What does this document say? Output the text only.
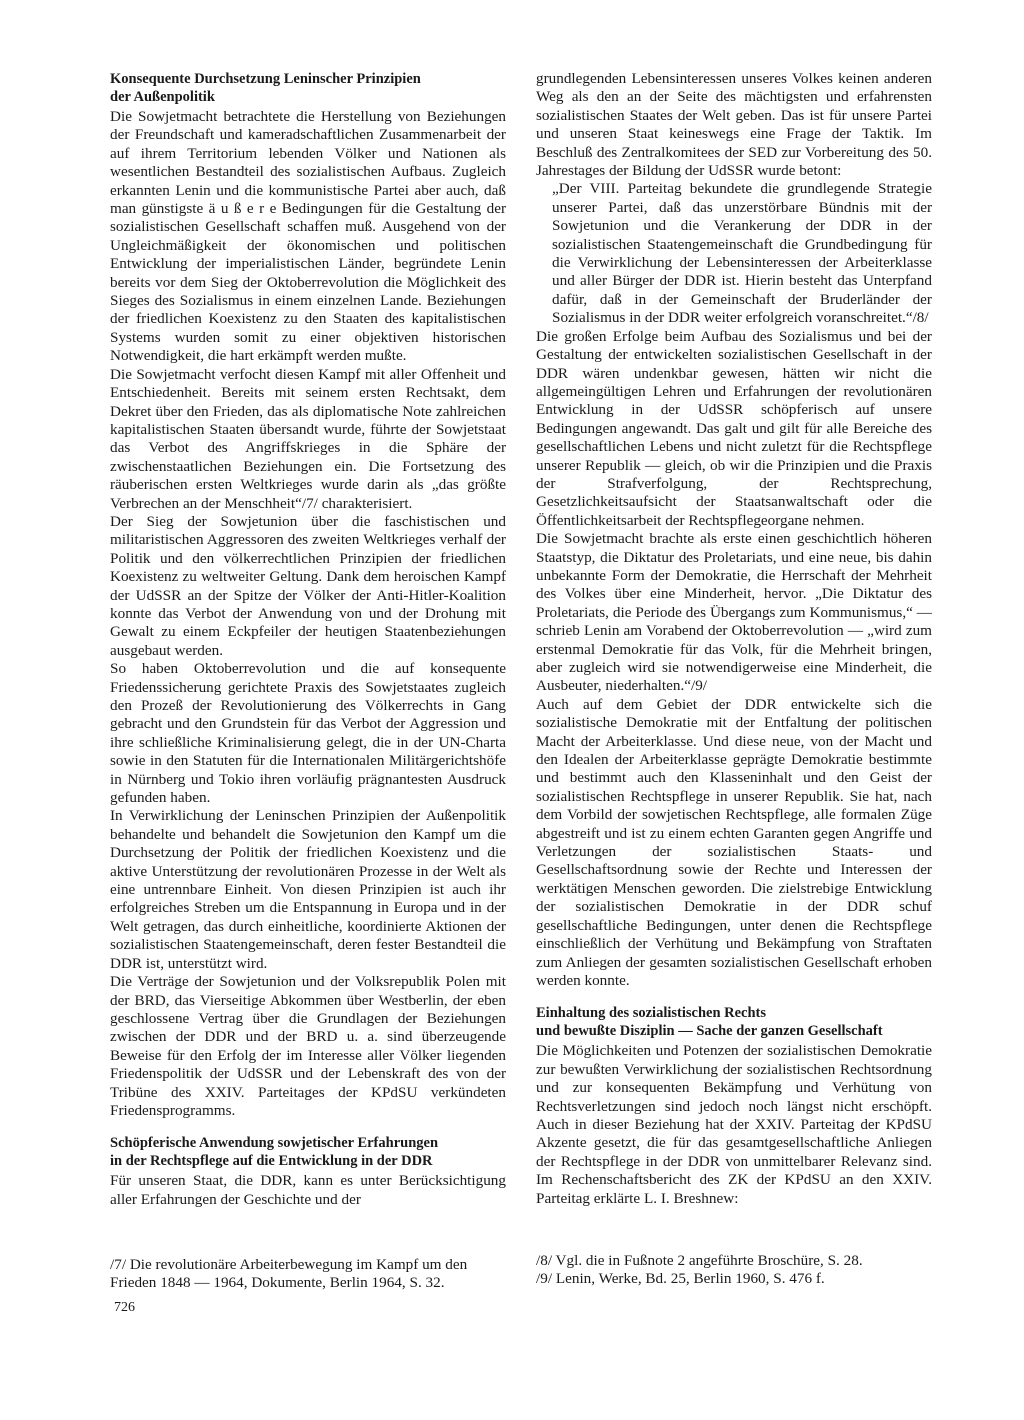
Konsequente Durchsetzung Leninscher Prinzipien
der Außenpolitik

Die Sowjetmacht betrachtete die Herstellung von Beziehungen der Freundschaft und kameradschaftlichen Zusammenarbeit der auf ihrem Territorium lebenden Völker und Nationen als wesentlichen Bestandteil des sozialistischen Aufbaus. Zugleich erkannten Lenin und die kommunistische Partei aber auch, daß man günstigste ä u ß e r e Bedingungen für die Gestaltung der sozialistischen Gesellschaft schaffen muß. Ausgehend von der Ungleichmäßigkeit der ökonomischen und politischen Entwicklung der imperialistischen Länder, begründete Lenin bereits vor dem Sieg der Oktoberrevolution die Möglichkeit des Sieges des Sozialismus in einem einzelnen Lande. Beziehungen der friedlichen Koexistenz zu den Staaten des kapitalistischen Systems wurden somit zu einer objektiven historischen Notwendigkeit, die hart erkämpft werden mußte.

Die Sowjetmacht verfocht diesen Kampf mit aller Offenheit und Entschiedenheit. Bereits mit seinem ersten Rechtsakt, dem Dekret über den Frieden, das als diplomatische Note zahlreichen kapitalistischen Staaten übersandt wurde, führte der Sowjetstaat das Verbot des Angriffskrieges in die Sphäre der zwischenstaatlichen Beziehungen ein. Die Fortsetzung des räuberischen ersten Weltkrieges wurde darin als „das größte Verbrechen an der Menschheit“/7/ charakterisiert.

Der Sieg der Sowjetunion über die faschistischen und militaristischen Aggressoren des zweiten Weltkrieges verhalf der Politik und den völkerrechtlichen Prinzipien der friedlichen Koexistenz zu weltweiter Geltung. Dank dem heroischen Kampf der UdSSR an der Spitze der Völker der Anti-Hitler-Koalition konnte das Verbot der Anwendung von und der Drohung mit Gewalt zu einem Eckpfeiler der heutigen Staatenbeziehungen ausgebaut werden.

So haben Oktoberrevolution und die auf konsequente Friedenssicherung gerichtete Praxis des Sowjetstaates zugleich den Prozeß der Revolutionierung des Völkerrechts in Gang gebracht und den Grundstein für das Verbot der Aggression und ihre schließliche Kriminalisierung gelegt, die in der UN-Charta sowie in den Statuten für die Internationalen Militärgerichtshöfe in Nürnberg und Tokio ihren vorläufig prägnantesten Ausdruck gefunden haben.

In Verwirklichung der Leninschen Prinzipien der Außenpolitik behandelte und behandelt die Sowjetunion den Kampf um die Durchsetzung der Politik der friedlichen Koexistenz und die aktive Unterstützung der revolutionären Prozesse in der Welt als eine untrennbare Einheit. Von diesen Prinzipien ist auch ihr erfolgreiches Streben um die Entspannung in Europa und in der Welt getragen, das durch einheitliche, koordinierte Aktionen der sozialistischen Staatengemeinschaft, deren fester Bestandteil die DDR ist, unterstützt wird.

Die Verträge der Sowjetunion und der Volksrepublik Polen mit der BRD, das Vierseitige Abkommen über Westberlin, der eben geschlossene Vertrag über die Grundlagen der Beziehungen zwischen der DDR und der BRD u. a. sind überzeugende Beweise für den Erfolg der im Interesse aller Völker liegenden Friedenspolitik der UdSSR und der Lebenskraft des von der Tribüne des XXIV. Parteitages der KPdSU verkündeten Friedensprogramms.

Schöpferische Anwendung sowjetischer Erfahrungen
in der Rechtspflege auf die Entwicklung in der DDR

Für unseren Staat, die DDR, kann es unter Berücksichtigung aller Erfahrungen der Geschichte und der

grundlegenden Lebensinteressen unseres Volkes keinen anderen Weg als den an der Seite des mächtigsten und erfahrensten sozialistischen Staates der Welt geben. Das ist für unsere Partei und unseren Staat keineswegs eine Frage der Taktik. Im Beschluß des Zentralkomitees der SED zur Vorbereitung des 50. Jahrestages der Bildung der UdSSR wurde betont:

„Der VIII. Parteitag bekundete die grundlegende Strategie unserer Partei, daß das unzerstörbare Bündnis mit der Sowjetunion und die Verankerung der DDR in der sozialistischen Staatengemeinschaft die Grundbedingung für die Verwirklichung der Lebensinteressen der Arbeiterklasse und aller Bürger der DDR ist. Hierin besteht das Unterpfand dafür, daß in der Gemeinschaft der Bruderländer der Sozialismus in der DDR weiter erfolgreich voranschreitet.“/8/

Die großen Erfolge beim Aufbau des Sozialismus und bei der Gestaltung der entwickelten sozialistischen Gesellschaft in der DDR wären undenkbar gewesen, hätten wir nicht die allgemeingültigen Lehren und Erfahrungen der revolutionären Entwicklung in der UdSSR schöpferisch auf unsere Bedingungen angewandt. Das galt und gilt für alle Bereiche des gesellschaftlichen Lebens und nicht zuletzt für die Rechtspflege unserer Republik — gleich, ob wir die Prinzipien und die Praxis der Strafverfolgung, der Rechtsprechung, Gesetzlichkeitsaufsicht der Staatsanwaltschaft oder die Öffentlichkeitsarbeit der Rechtspflegeorgane nehmen.

Die Sowjetmacht brachte als erste einen geschichtlich höheren Staatstyp, die Diktatur des Proletariats, und eine neue, bis dahin unbekannte Form der Demokratie, die Herrschaft der Mehrheit des Volkes über eine Minderheit, hervor. „Die Diktatur des Proletariats, die Periode des Übergangs zum Kommunismus,“ — schrieb Lenin am Vorabend der Oktoberrevolution — „wird zum erstenmal Demokratie für das Volk, für die Mehrheit bringen, aber zugleich wird sie notwendigerweise eine Minderheit, die Ausbeuter, niederhalten.“/9/

Auch auf dem Gebiet der DDR entwickelte sich die sozialistische Demokratie mit der Entfaltung der politischen Macht der Arbeiterklasse. Und diese neue, von der Macht und den Idealen der Arbeiterklasse geprägte Demokratie bestimmte und bestimmt auch den Klasseninhalt und den Geist der sozialistischen Rechtspflege in unserer Republik. Sie hat, nach dem Vorbild der sowjetischen Rechtspflege, alle formalen Züge abgestreift und ist zu einem echten Garanten gegen Angriffe und Verletzungen der sozialistischen Staats- und Gesellschaftsordnung sowie der Rechte und Interessen der werktätigen Menschen geworden. Die zielstrebige Entwicklung der sozialistischen Demokratie in der DDR schuf gesellschaftliche Bedingungen, unter denen die Rechtspflege einschließlich der Verhütung und Bekämpfung von Straftaten zum Anliegen der gesamten sozialistischen Gesellschaft erhoben werden konnte.

Einhaltung des sozialistischen Rechts
und bewußte Disziplin — Sache der ganzen Gesellschaft

Die Möglichkeiten und Potenzen der sozialistischen Demokratie zur bewußten Verwirklichung der sozialistischen Rechtsordnung und zur konsequenten Bekämpfung und Verhütung von Rechtsverletzungen sind jedoch noch längst nicht erschöpft. Auch in dieser Beziehung hat der XXIV. Parteitag der KPdSU Akzente gesetzt, die für das gesamtgesellschaftliche Anliegen der Rechtspflege in der DDR von unmittelbarer Relevanz sind. Im Rechenschaftsbericht des ZK der KPdSU an den XXIV. Parteitag erklärte L. I. Breshnew:

/7/ Die revolutionäre Arbeiterbewegung im Kampf um den

Frieden 1848 — 1964, Dokumente, Berlin 1964, S. 32.

/8/ Vgl. die in Fußnote 2 angeführte Broschüre, S. 28.

/9/ Lenin, Werke, Bd. 25, Berlin 1960, S. 476 f.

726
